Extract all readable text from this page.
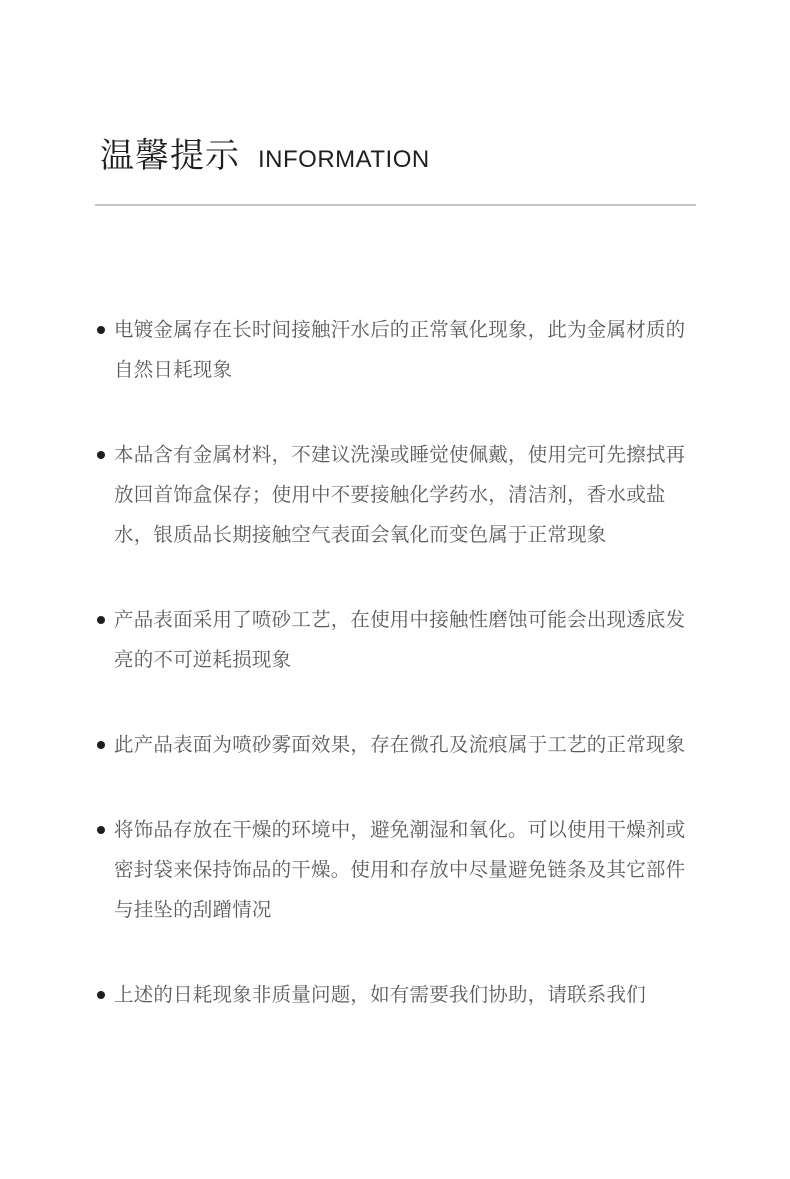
温馨提示 INFORMATION
电镀金属存在长时间接触汗水后的正常氧化现象，此为金属材质的自然日耗现象
本品含有金属材料，不建议洗澡或睡觉使佩戴，使用完可先擦拭再放回首饰盒保存；使用中不要接触化学药水，清洁剂，香水或盐水，银质品长期接触空气表面会氧化而变色属于正常现象
产品表面采用了喷砂工艺，在使用中接触性磨蚀可能会出现透底发亮的不可逆耗损现象
此产品表面为喷砂雾面效果，存在微孔及流痕属于工艺的正常现象
将饰品存放在干燥的环境中，避免潮湿和氧化。可以使用干燥剂或密封袋来保持饰品的干燥。使用和存放中尽量避免链条及其它部件与挂坠的刮蹭情况
上述的日耗现象非质量问题，如有需要我们协助，请联系我们
